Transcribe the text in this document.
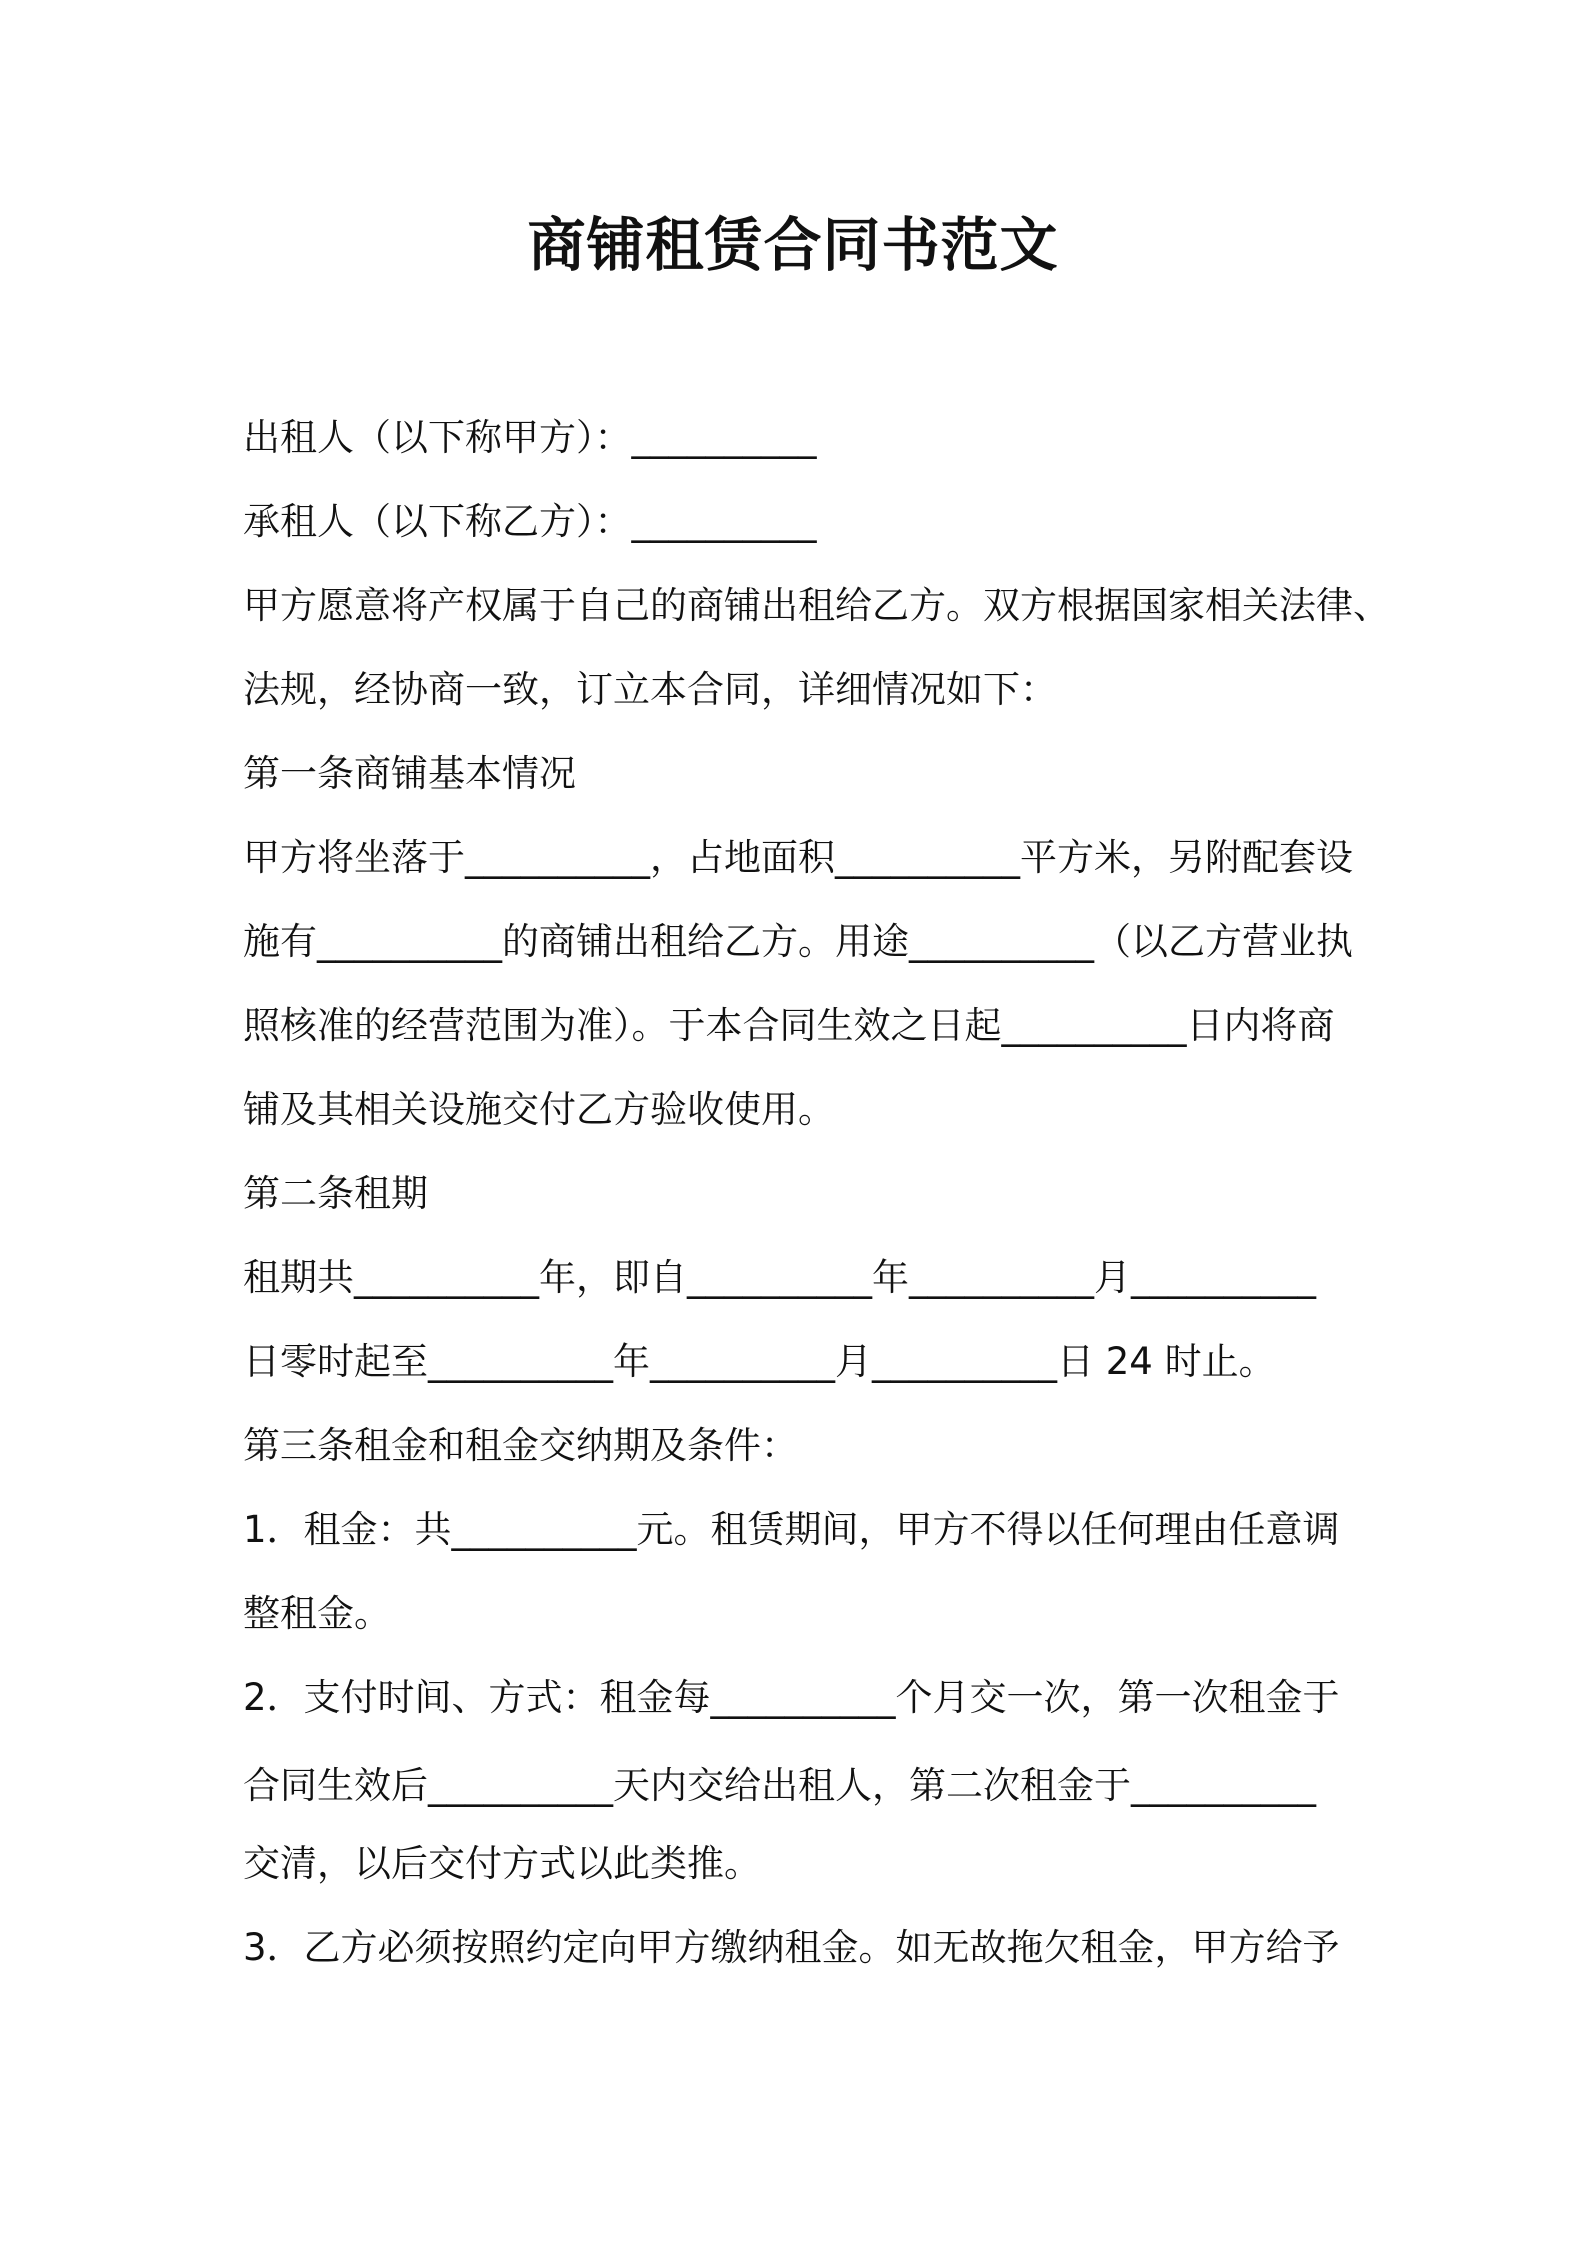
商铺租赁合同书范文

出租人（以下称甲方）：__________

承租人（以下称乙方）：__________

甲方愿意将产权属于自己的商铺出租给乙方。双方根据国家相关法律、

法规，经协商一致，订立本合同，详细情况如下：

第一条商铺基本情况

甲方将坐落于__________，占地面积__________平方米，另附配套设

施有__________的商铺出租给乙方。用途__________（以乙方营业执

照核准的经营范围为准）。于本合同生效之日起__________日内将商

铺及其相关设施交付乙方验收使用。

第二条租期

租期共__________年，即自__________年__________月__________

日零时起至__________年__________月__________日 24 时止。

第三条租金和租金交纳期及条件：

1．租金：共__________元。租赁期间，甲方不得以任何理由任意调

整租金。

2．支付时间、方式：租金每__________个月交一次，第一次租金于

合同生效后__________天内交给出租人，第二次租金于__________

交清，以后交付方式以此类推。

3．乙方必须按照约定向甲方缴纳租金。如无故拖欠租金，甲方给予
